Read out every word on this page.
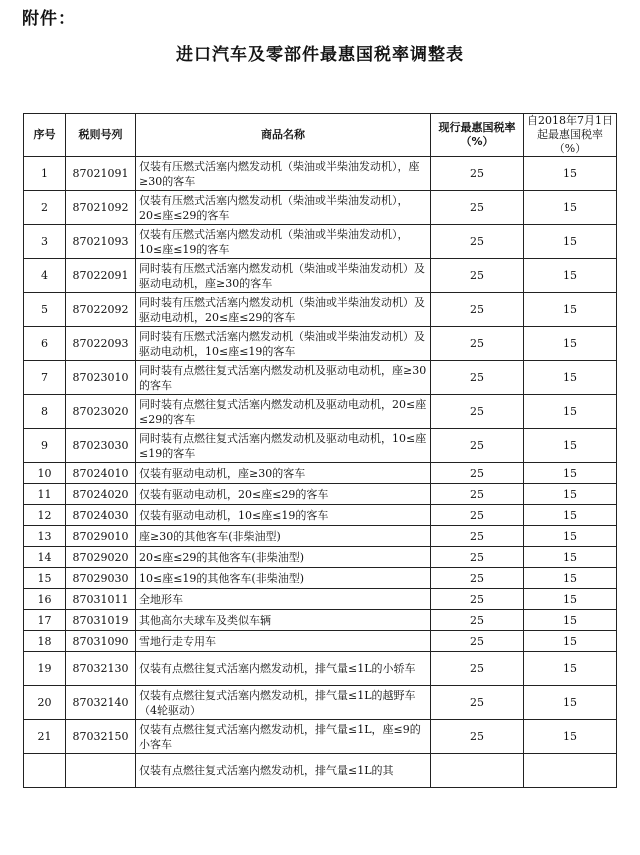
附件：
进口汽车及零部件最惠国税率调整表
序号	税则号列	商品名称	现行最惠国税率（%）	自2018年7月1日起最惠国税率（%）
1	87021091	仅装有压燃式活塞内燃发动机（柴油或半柴油发动机），座≥30的客车	25	15
2	87021092	仅装有压燃式活塞内燃发动机（柴油或半柴油发动机），20≤座≤29的客车	25	15
3	87021093	仅装有压燃式活塞内燃发动机（柴油或半柴油发动机），10≤座≤19的客车	25	15
4	87022091	同时装有压燃式活塞内燃发动机（柴油或半柴油发动机）及驱动电动机，座≥30的客车	25	15
5	87022092	同时装有压燃式活塞内燃发动机（柴油或半柴油发动机）及驱动电动机，20≤座≤29的客车	25	15
6	87022093	同时装有压燃式活塞内燃发动机（柴油或半柴油发动机）及驱动电动机，10≤座≤19的客车	25	15
7	87023010	同时装有点燃往复式活塞内燃发动机及驱动电动机，座≥30的客车	25	15
8	87023020	同时装有点燃往复式活塞内燃发动机及驱动电动机，20≤座≤29的客车	25	15
9	87023030	同时装有点燃往复式活塞内燃发动机及驱动电动机，10≤座≤19的客车	25	15
10	87024010	仅装有驱动电动机，座≥30的客车	25	15
11	87024020	仅装有驱动电动机，20≤座≤29的客车	25	15
12	87024030	仅装有驱动电动机，10≤座≤19的客车	25	15
13	87029010	座≥30的其他客车(非柴油型)	25	15
14	87029020	20≤座≤29的其他客车(非柴油型)	25	15
15	87029030	10≤座≤19的其他客车(非柴油型)	25	15
16	87031011	全地形车	25	15
17	87031019	其他高尔夫球车及类似车辆	25	15
18	87031090	雪地行走专用车	25	15
19	87032130	仅装有点燃往复式活塞内燃发动机，排气量≤1L的小轿车	25	15
20	87032140	仅装有点燃往复式活塞内燃发动机，排气量≤1L的越野车（4轮驱动）	25	15
21	87032150	仅装有点燃往复式活塞内燃发动机，排气量≤1L，座≤9的小客车	25	15
		仅装有点燃往复式活塞内燃发动机，排气量≤1L的其		
